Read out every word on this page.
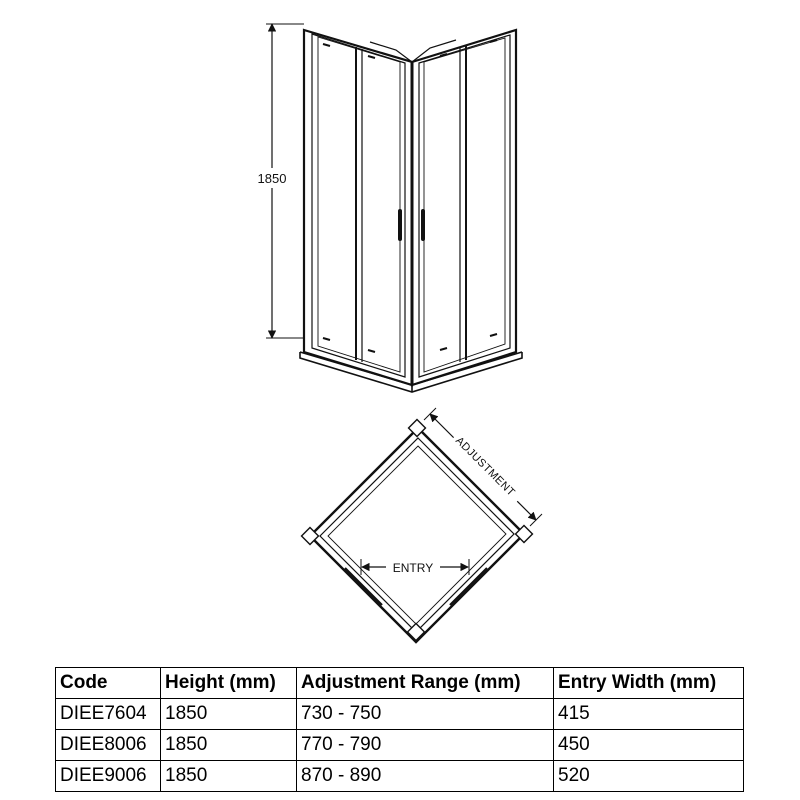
1850
ADJUSTMENT
ENTRY
Code	Height (mm)	Adjustment Range (mm)	Entry Width (mm)
DIEE7604	1850	730 - 750	415
DIEE8006	1850	770 - 790	450
DIEE9006	1850	870 - 890	520
